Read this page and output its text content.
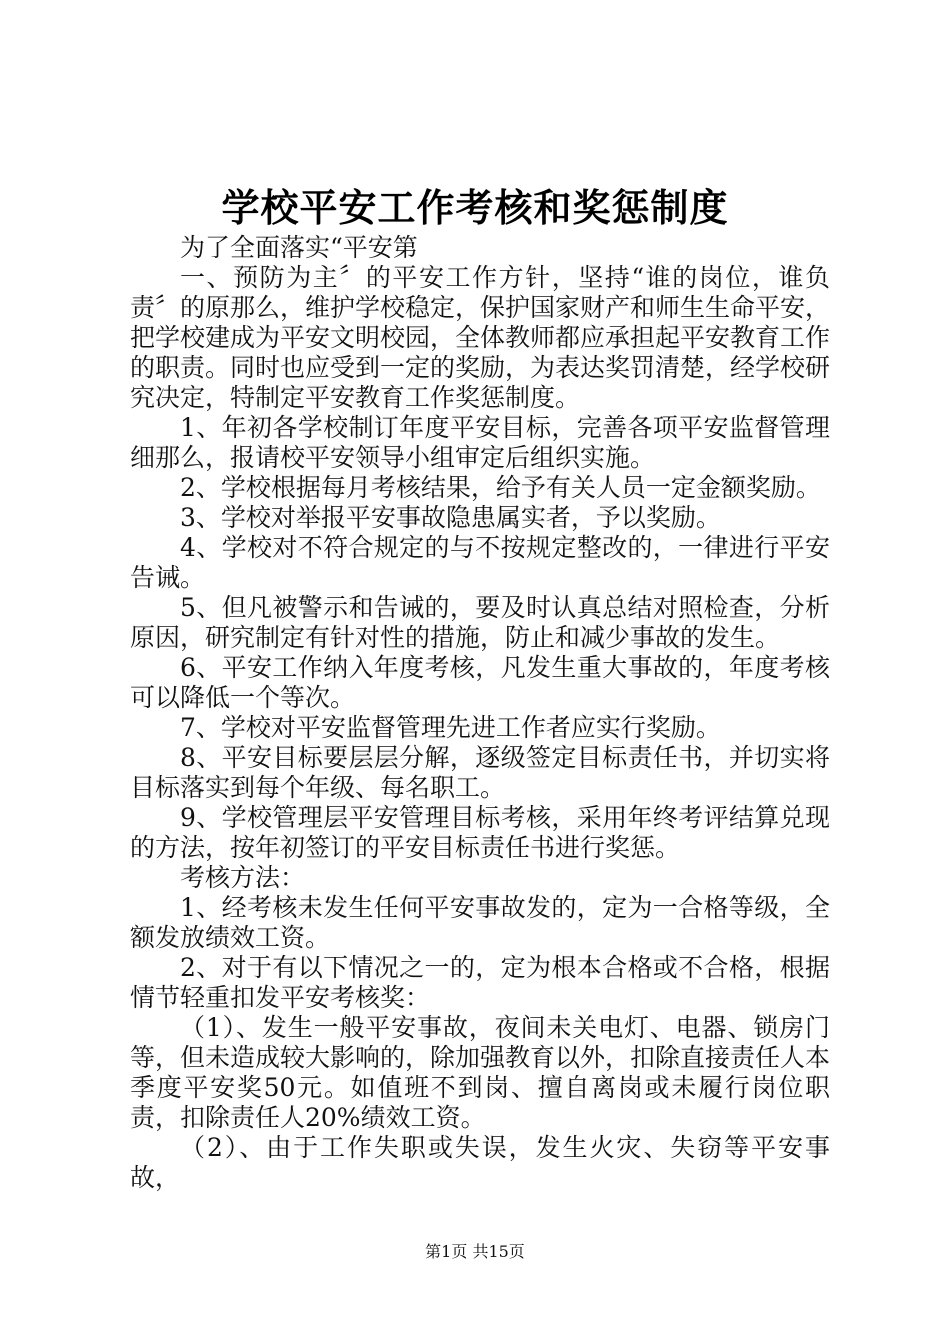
学校平安工作考核和奖惩制度

为了全面落实“平安第

一、预防为主〞的平安工作方针，坚持“谁的岗位，谁负责〞的原那么，维护学校稳定，保护国家财产和师生生命平安，把学校建成为平安文明校园，全体教师都应承担起平安教育工作的职责。同时也应受到一定的奖励，为表达奖罚清楚，经学校研究决定，特制定平安教育工作奖惩制度。

1、年初各学校制订年度平安目标，完善各项平安监督管理细那么，报请校平安领导小组审定后组织实施。

2、学校根据每月考核结果，给予有关人员一定金额奖励。

3、学校对举报平安事故隐患属实者，予以奖励。

4、学校对不符合规定的与不按规定整改的，一律进行平安告诫。

5、但凡被警示和告诫的，要及时认真总结对照检查，分析原因，研究制定有针对性的措施，防止和减少事故的发生。

6、平安工作纳入年度考核，凡发生重大事故的，年度考核可以降低一个等次。

7、学校对平安监督管理先进工作者应实行奖励。

8、平安目标要层层分解，逐级签定目标责任书，并切实将目标落实到每个年级、每名职工。

9、学校管理层平安管理目标考核，采用年终考评结算兑现的方法，按年初签订的平安目标责任书进行奖惩。

考核方法：

1、经考核未发生任何平安事故发的，定为一合格等级，全额发放绩效工资。

2、对于有以下情况之一的，定为根本合格或不合格，根据情节轻重扣发平安考核奖：

（1）、发生一般平安事故，夜间未关电灯、电器、锁房门等，但未造成较大影响的，除加强教育以外，扣除直接责任人本季度平安奖50元。如值班不到岗、擅自离岗或未履行岗位职责，扣除责任人20%绩效工资。

（2）、由于工作失职或失误，发生火灾、失窃等平安事故，

第1页 共15页
